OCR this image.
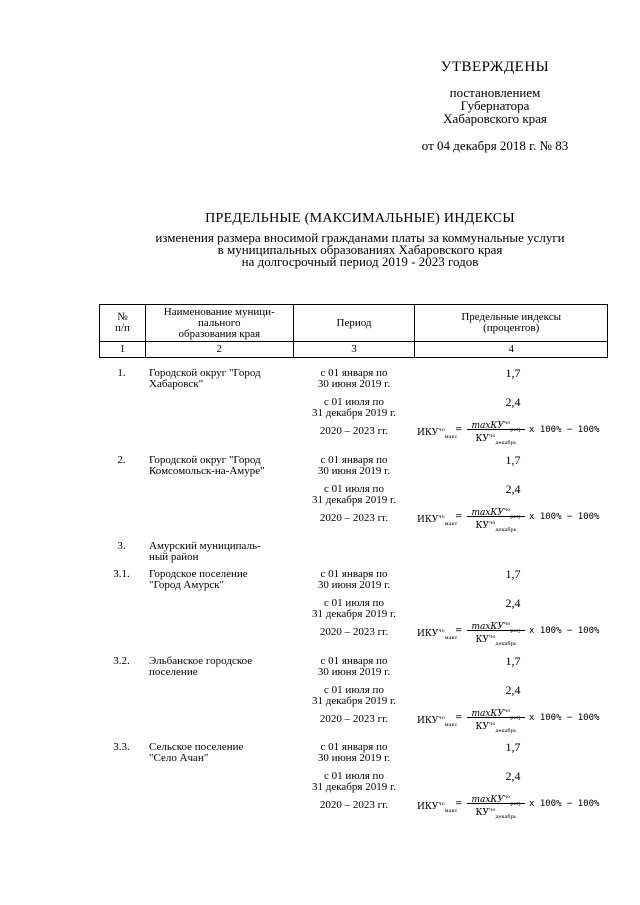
УТВЕРЖДЕНЫ
постановлением
Губернатора
Хабаровского края
от 04 декабря 2018 г. № 83
ПРЕДЕЛЬНЫЕ (МАКСИМАЛЬНЫЕ) ИНДЕКСЫ
изменения размера вносимой гражданами платы за коммунальные услуги
в муниципальных образованиях Хабаровского края
на долгосрочный период 2019 - 2023 годов
№
п/п	Наименование муници-
пального
образования края	Период	Предельные индексы
(процентов)
1	2	3	4
1.	Городской округ "Город
Хабаровск"
с 01 января по
30 июня 2019 г.
1,7
с 01 июля по
31 декабря 2019 г.
2,4
2020 – 2023 гг.	$ИКУ^{чо}_{макс}$
= maxКУ$^{чо}_{регj}$
$КУ^{чо}_{декабрь}$
x 100% − 100%
2.	Городской округ "Город
Комсомольск-на-Амуре"
с 01 января по
30 июня 2019 г.
1,7
с 01 июля по
31 декабря 2019 г.
2,4
2020 – 2023 гг.	$ИКУ^{чо}_{макс}$
= maxКУ$^{чо}_{регj}$
$КУ^{чо}_{декабрь}$
x 100% − 100%
3.	Амурский муниципаль-
ный район
3.1.	Городское поселение
"Город Амурск"
с 01 января по
30 июня 2019 г.
1,7
с 01 июля по
31 декабря 2019 г.
2,4
2020 – 2023 гг.	$ИКУ^{чо}_{макс}$
= maxКУ$^{чо}_{регj}$
$КУ^{чо}_{декабрь}$
x 100% − 100%
3.2.	Эльбанское городское
поселение
с 01 января по
30 июня 2019 г.
1,7
с 01 июля по
31 декабря 2019 г.
2,4
2020 – 2023 гг.	$ИКУ^{чо}_{макс}$
= maxКУ$^{чо}_{регj}$
$КУ^{чо}_{декабрь}$
x 100% − 100%
3.3.	Сельское поселение
"Село Ачан"
с 01 января по
30 июня 2019 г.
1,7
с 01 июля по
31 декабря 2019 г.
2,4
2020 – 2023 гг.	$ИКУ^{чо}_{макс}$
= maxКУ$^{чо}_{регj}$
$КУ^{чо}_{декабрь}$
x 100% − 100%
